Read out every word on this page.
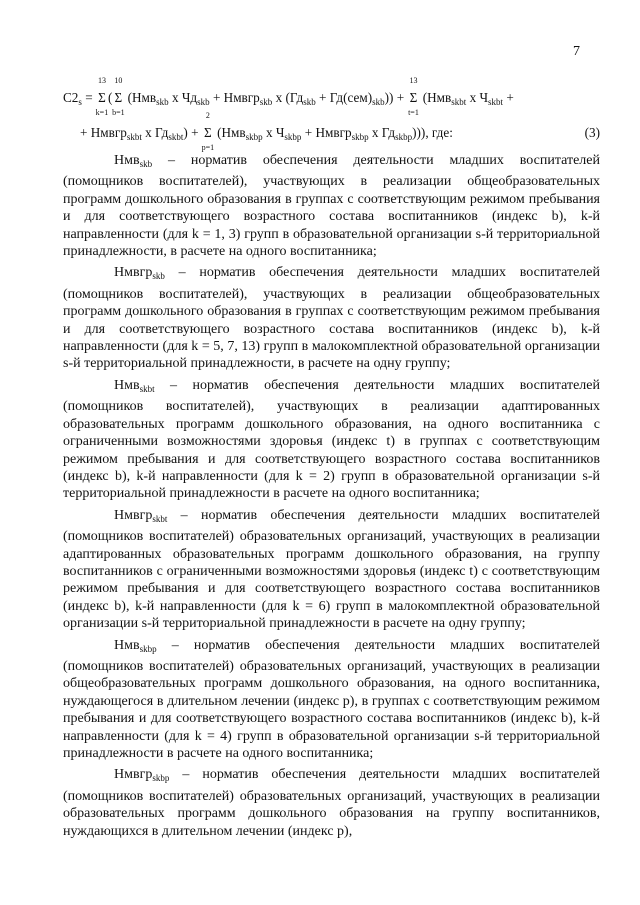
7
$C2_s = \Sigma$
13
k=1
( Σ
10
b=1
(Нмв$_{skb}$ x $Чд_{skb}$ + Нмвгр$_{skb}$ x $(Гд_{skb} + Гд(сем)_{skb})) + \Sigma$
13
t=1
(Нмв$_{skbt}$ x $Ч_{skbt}$ +
+ Нмвгр$_{skbt}$ x $Гд_{skbt}) + \Sigma$
2
p=1
(Нмв$_{skbp}$ x $Ч_{skbp}$ + Нмвгр$_{skbp}$ x $Гд_{skbp}$))), где:	(3)

Нмв$_{skb}$ – норматив обеспечения деятельности младших воспитателей (помощников воспитателей), участвующих в реализации общеобразовательных программ дошкольного образования в группах с соответствующим режимом пребывания и для соответствующего возрастного состава воспитанников (индекс b), k-й направленности (для k = 1, 3) групп в образовательной организации s-й территориальной принадлежности, в расчете на одного воспитанника;

Нмвгр$_{skb}$ – норматив обеспечения деятельности младших воспитателей (помощников воспитателей), участвующих в реализации общеобразовательных программ дошкольного образования в группах с соответствующим режимом пребывания и для соответствующего возрастного состава воспитанников (индекс b), k-й направленности (для k = 5, 7, 13) групп в малокомплектной образовательной организации s-й территориальной принадлежности, в расчете на одну группу;

Нмв$_{skbt}$ – норматив обеспечения деятельности младших воспитателей (помощников воспитателей), участвующих в реализации адаптированных образовательных программ дошкольного образования, на одного воспитанника с ограниченными возможностями здоровья (индекс t) в группах с соответствующим режимом пребывания и для соответствующего возрастного состава воспитанников (индекс b), k-й направленности (для k = 2) групп в образовательной организации s-й территориальной принадлежности в расчете на одного воспитанника;

Нмвгр$_{skbt}$ – норматив обеспечения деятельности младших воспитателей (помощников воспитателей) образовательных организаций, участвующих в реализации адаптированных образовательных программ дошкольного образования, на группу воспитанников с ограниченными возможностями здоровья (индекс t) с соответствующим режимом пребывания и для соответствующего возрастного состава воспитанников (индекс b), k-й направленности (для k = 6) групп в малокомплектной образовательной организации s-й территориальной принадлежности в расчете на одну группу;

Нмв$_{skbp}$ – норматив обеспечения деятельности младших воспитателей (помощников воспитателей) образовательных организаций, участвующих в реализации общеобразовательных программ дошкольного образования, на одного воспитанника, нуждающегося в длительном лечении (индекс p), в группах с соответствующим режимом пребывания и для соответствующего возрастного состава воспитанников (индекс b), k-й направленности (для k = 4) групп в образовательной организации s-й территориальной принадлежности в расчете на одного воспитанника;

Нмвгр$_{skbp}$ – норматив обеспечения деятельности младших воспитателей (помощников воспитателей) образовательных организаций, участвующих в реализации образовательных программ дошкольного образования на группу воспитанников, нуждающихся в длительном лечении (индекс p),
